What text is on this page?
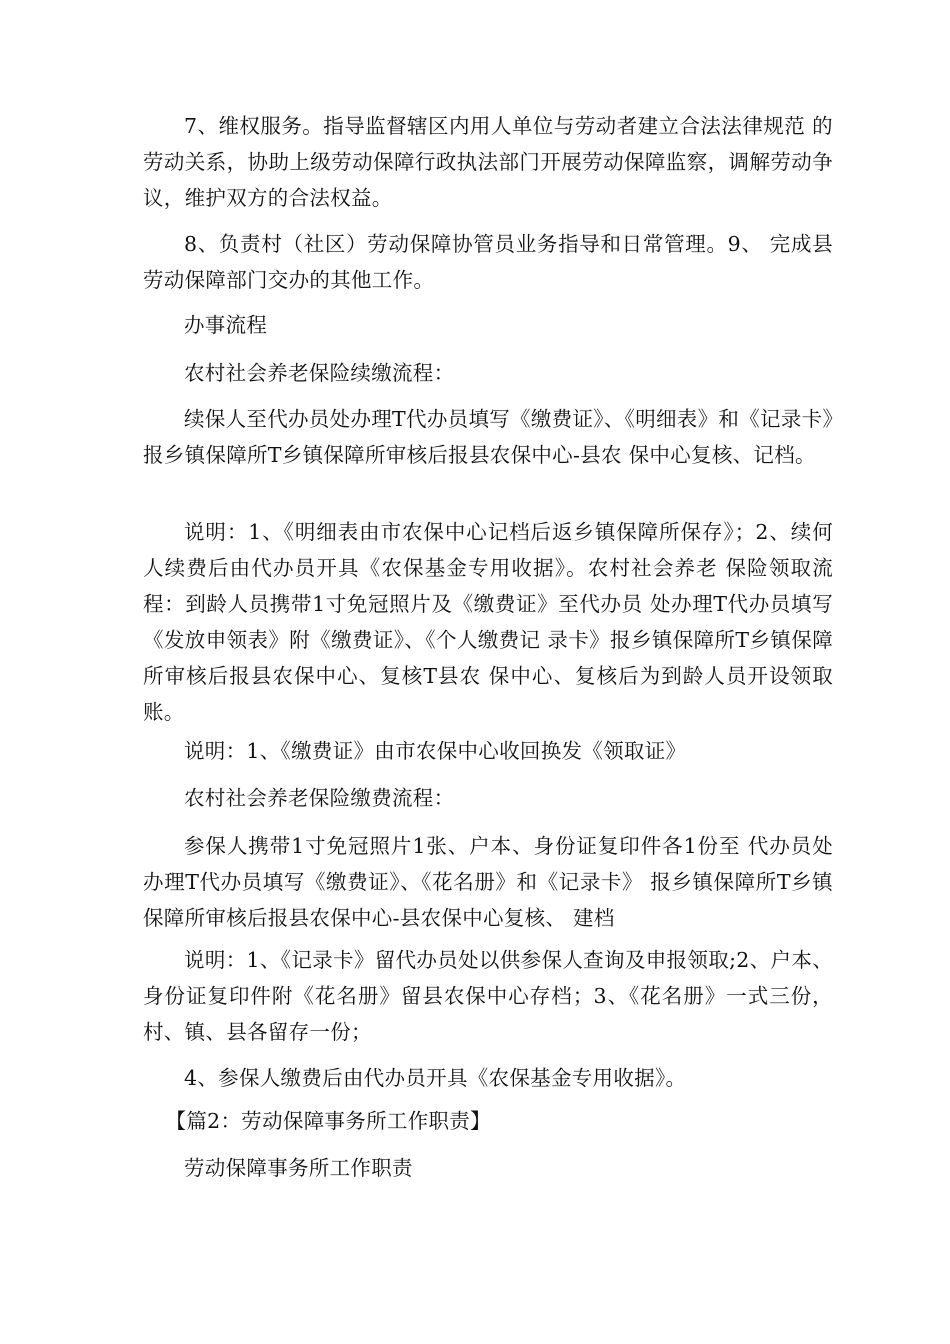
7、维权服务。指导监督辖区内用人单位与劳动者建立合法法律规范 的劳动关系，协助上级劳动保障行政执法部门开展劳动保障监察，调解劳动争议，维护双方的合法权益。

8、负责村（社区）劳动保障协管员业务指导和日常管理。9、 完成县劳动保障部门交办的其他工作。

办事流程

农村社会养老保险续缴流程：

续保人至代办员处办理T代办员填写《缴费证》、《明细表》和《记录卡》报乡镇保障所T乡镇保障所审核后报县农保中心-县农 保中心复核、记档。

说明：1、《明细表由市农保中心记档后返乡镇保障所保存》；2、续何人续费后由代办员开具《农保基金专用收据》。农村社会养老 保险领取流程：到龄人员携带1寸免冠照片及《缴费证》至代办员 处办理T代办员填写《发放申领表》附《缴费证》、《个人缴费记 录卡》报乡镇保障所T乡镇保障所审核后报县农保中心、复核T县农 保中心、复核后为到龄人员开设领取账。

说明：1、《缴费证》由市农保中心收回换发《领取证》

农村社会养老保险缴费流程：

参保人携带1寸免冠照片1张、户本、身份证复印件各1份至 代办员处办理T代办员填写《缴费证》、《花名册》和《记录卡》 报乡镇保障所T乡镇保障所审核后报县农保中心-县农保中心复核、 建档

说明：1、《记录卡》留代办员处以供参保人查询及申报领取;2、户本、身份证复印件附《花名册》留县农保中心存档；3、《花名册》一式三份，村、镇、县各留存一份；

4、参保人缴费后由代办员开具《农保基金专用收据》。

【篇2：劳动保障事务所工作职责】

劳动保障事务所工作职责
